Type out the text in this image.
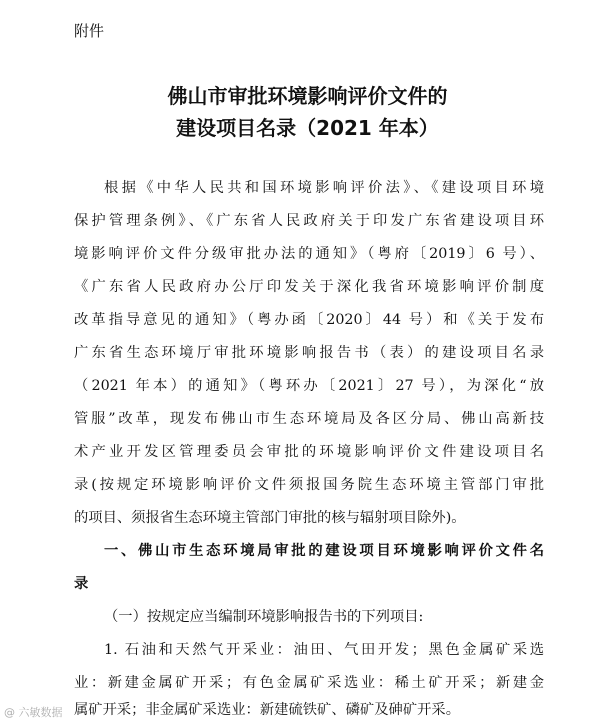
附件
佛山市审批环境影响评价文件的
建设项目名录（2021 年本）
根据《中华人民共和国环境影响评价法》、《建设项目环境
保护管理条例》、《广东省人民政府关于印发广东省建设项目环
境影响评价文件分级审批办法的通知》（粤府〔2019〕6 号）、
《广东省人民政府办公厅印发关于深化我省环境影响评价制度
改革指导意见的通知》（粤办函〔2020〕44 号）和《关于发布
广东省生态环境厅审批环境影响报告书（表）的建设项目名录
（2021 年本）的通知》（粤环办〔2021〕27 号），为深化“放
管服”改革，现发布佛山市生态环境局及各区分局、佛山高新技
术产业开发区管理委员会审批的环境影响评价文件建设项目名
录(按规定环境影响评价文件须报国务院生态环境主管部门审批
的项目、须报省生态环境主管部门审批的核与辐射项目除外)。
一、佛山市生态环境局审批的建设项目环境影响评价文件名
录
（一）按规定应当编制环境影响报告书的下列项目:
1. 石油和天然气开采业：油田、气田开发；黑色金属矿采选
业：新建金属矿开采；有色金属矿采选业：稀土矿开采；新建金
属矿开采；非金属矿采选业：新建硫铁矿、磷矿及砷矿开采。
@ 六敏数据
